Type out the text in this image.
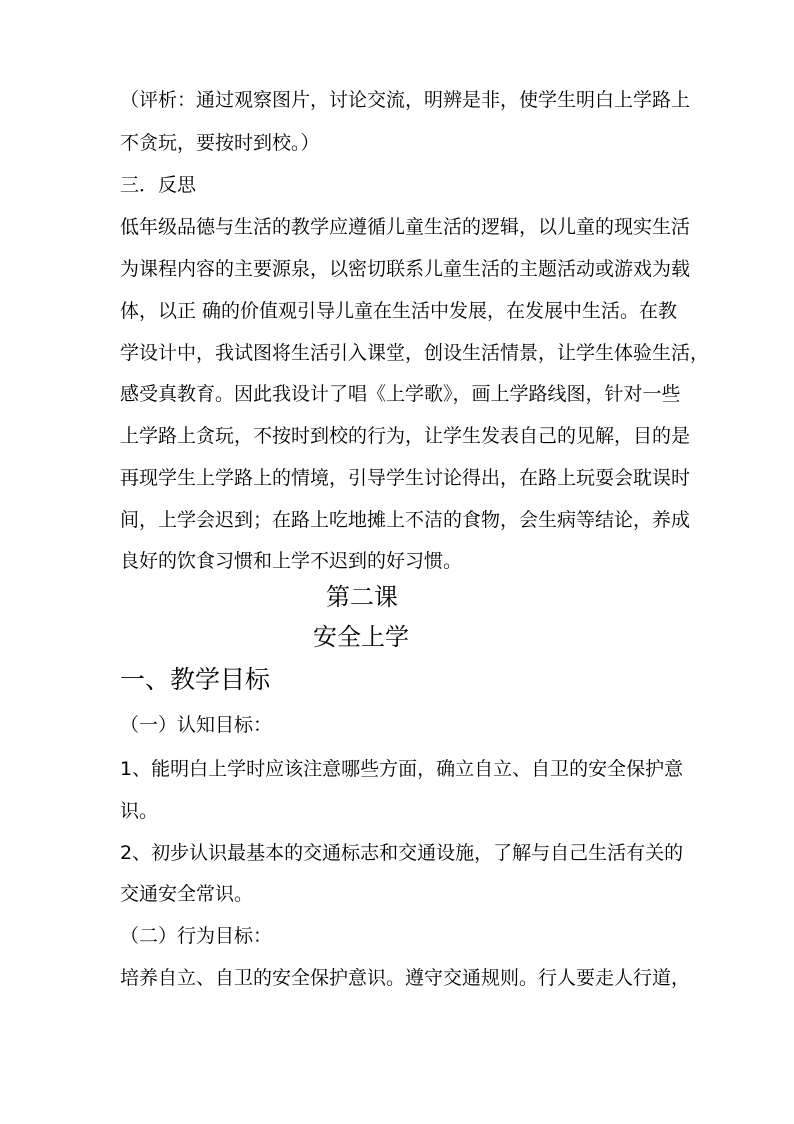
（评析：通过观察图片，讨论交流，明辨是非，使学生明白上学路上
不贪玩，要按时到校。）
三．反思
低年级品德与生活的教学应遵循儿童生活的逻辑，以儿童的现实生活
为课程内容的主要源泉，以密切联系儿童生活的主题活动或游戏为载
体，以正 确的价值观引导儿童在生活中发展，在发展中生活。在教
学设计中，我试图将生活引入课堂，创设生活情景，让学生体验生活，
感受真教育。因此我设计了唱《上学歌》，画上学路线图，针对一些
上学路上贪玩，不按时到校的行为，让学生发表自己的见解，目的是
再现学生上学路上的情境，引导学生讨论得出，在路上玩耍会耽误时
间，上学会迟到；在路上吃地摊上不洁的食物，会生病等结论，养成
良好的饮食习惯和上学不迟到的好习惯。
第二课
安全上学
一、教学目标
（一）认知目标：
1、能明白上学时应该注意哪些方面，确立自立、自卫的安全保护意
识。
2、初步认识最基本的交通标志和交通设施，了解与自己生活有关的
交通安全常识。
（二）行为目标：
培养自立、自卫的安全保护意识。遵守交通规则。行人要走人行道，
